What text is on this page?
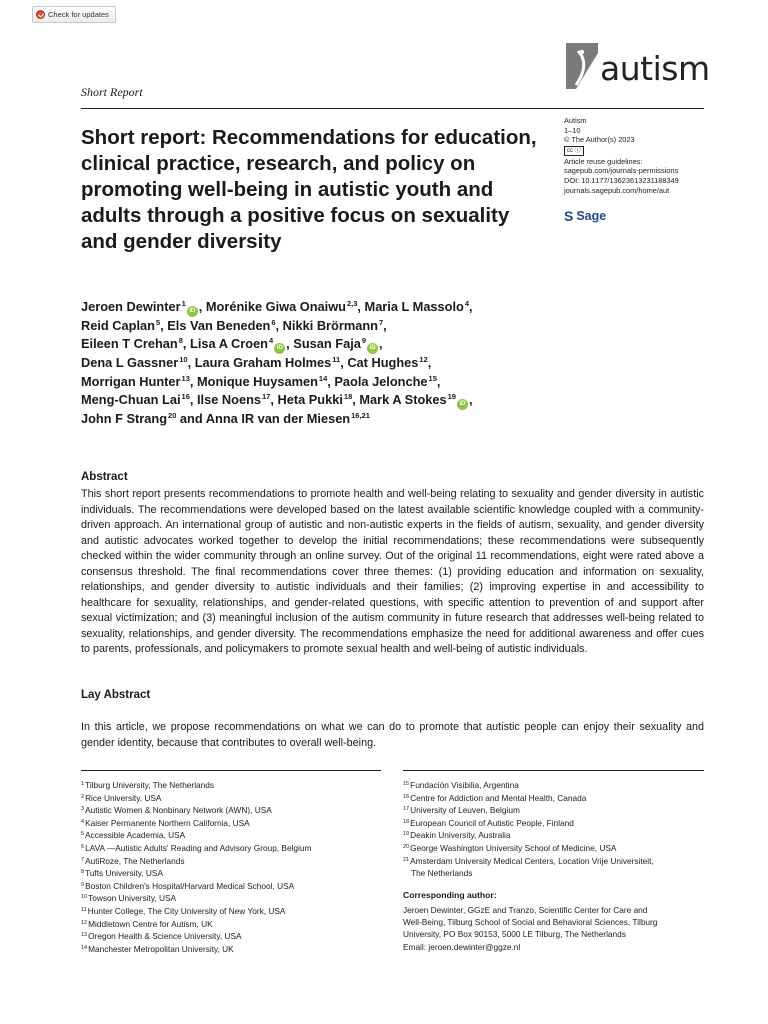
Check for updates
Short Report
autism
Autism
1–10
© The Author(s) 2023
cc ⓘ
Article reuse guidelines:
sagepub.com/journals-permissions
DOI: 10.1177/13623613231188349
journals.sagepub.com/home/aut
S Sage
Short report: Recommendations for education, clinical practice, research, and policy on promoting well-being in autistic youth and adults through a positive focus on sexuality and gender diversity
Jeroen Dewinter$^1$iD , Morénike Giwa Onaiwu$^{2,3}$, Maria L Massolo$^4$,
Reid Caplan$^5$, Els Van Beneden$^6$, Nikki Brörmann$^7$,
Eileen T Crehan$^8$, Lisa A Croen$^4$iD , Susan Faja$^9$iD ,
Dena L Gassner$^{10}$, Laura Graham Holmes$^{11}$, Cat Hughes$^{12}$,
Morrigan Hunter$^{13}$, Monique Huysamen$^{14}$, Paola Jelonche$^{15}$,
Meng-Chuan Lai$^{16}$, Ilse Noens$^{17}$, Heta Pukki$^{18}$, Mark A Stokes$^{19}$iD ,
John F Strang$^{20}$ and Anna IR van der Miesen$^{16,21}$
Abstract
This short report presents recommendations to promote health and well-being relating to sexuality and gender diversity in autistic individuals. The recommendations were developed based on the latest available scientific knowledge coupled with a community-driven approach. An international group of autistic and non-autistic experts in the fields of autism, sexuality, and gender diversity and autistic advocates worked together to develop the initial recommendations; these recommendations were subsequently checked within the wider community through an online survey. Out of the original 11 recommendations, eight were rated above a consensus threshold. The final recommendations cover three themes: (1) providing education and information on sexuality, relationships, and gender diversity to autistic individuals and their families; (2) improving expertise in and accessibility to healthcare for sexuality, relationships, and gender-related questions, with specific attention to prevention of and support after sexual victimization; and (3) meaningful inclusion of the autism community in future research that addresses well-being related to sexuality, relationships, and gender diversity. The recommendations emphasize the need for additional awareness and offer cues to parents, professionals, and policymakers to promote sexual health and well-being of autistic individuals.
Lay Abstract
In this article, we propose recommendations on what we can do to promote that autistic people can enjoy their sexuality and gender identity, because that contributes to overall well-being.
$^1$Tilburg University, The Netherlands
$^2$Rice University, USA
$^3$Autistic Women & Nonbinary Network (AWN), USA
$^4$Kaiser Permanente Northern California, USA
$^5$Accessible Academia, USA
$^6$LAVA —Autistic Adults' Reading and Advisory Group, Belgium
$^7$AutiRoze, The Netherlands
$^8$Tufts University, USA
$^9$Boston Children's Hospital/Harvard Medical School, USA
$^{10}$Towson University, USA
$^{11}$Hunter College, The City University of New York, USA
$^{12}$Middletown Centre for Autism, UK
$^{13}$Oregon Health & Science University, USA
$^{14}$Manchester Metropolitan University, UK
$^{15}$Fundación Visibilia, Argentina
$^{16}$Centre for Addiction and Mental Health, Canada
$^{17}$University of Leuven, Belgium
$^{18}$European Council of Autistic People, Finland
$^{19}$Deakin University, Australia
$^{20}$George Washington University School of Medicine, USA
$^{21}$Amsterdam University Medical Centers, Location Vrije Universiteit,
The Netherlands
Corresponding author:
Jeroen Dewinter, GGzE and Tranzo, Scientific Center for Care and
Well-Being, Tilburg School of Social and Behavioral Sciences, Tilburg
University, PO Box 90153, 5000 LE Tilburg, The Netherlands
Email: jeroen.dewinter@ggze.nl
